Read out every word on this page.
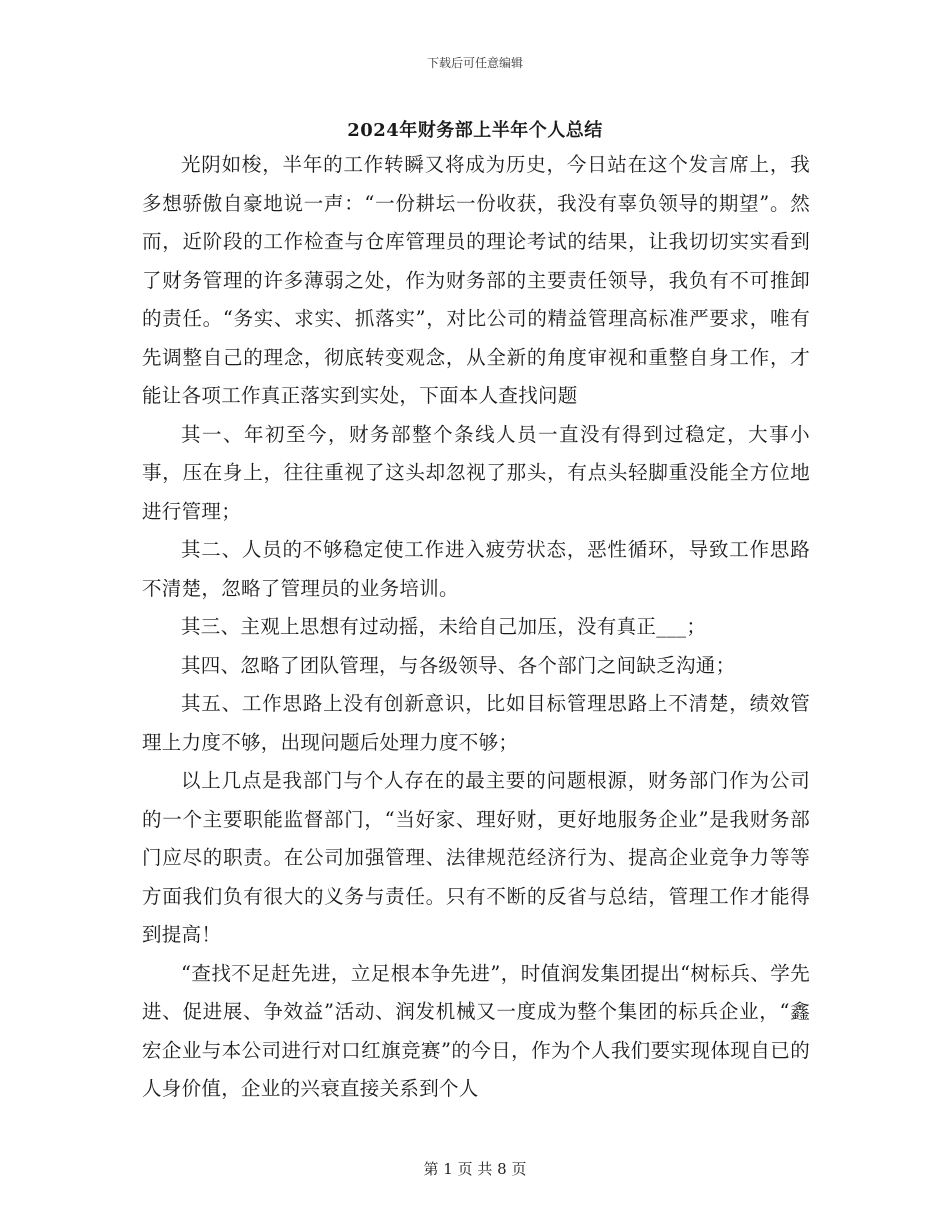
下载后可任意编辑
2024年财务部上半年个人总结

光阴如梭，半年的工作转瞬又将成为历史，今日站在这个发言席上，我多想骄傲自豪地说一声：“一份耕坛一份收获，我没有辜负领导的期望”。然而，近阶段的工作检查与仓库管理员的理论考试的结果，让我切切实实看到了财务管理的许多薄弱之处，作为财务部的主要责任领导，我负有不可推卸的责任。“务实、求实、抓落实”，对比公司的精益管理高标准严要求，唯有先调整自己的理念，彻底转变观念，从全新的角度审视和重整自身工作，才能让各项工作真正落实到实处，下面本人查找问题

其一、年初至今，财务部整个条线人员一直没有得到过稳定，大事小事，压在身上，往往重视了这头却忽视了那头，有点头轻脚重没能全方位地进行管理；

其二、人员的不够稳定使工作进入疲劳状态，恶性循环，导致工作思路不清楚，忽略了管理员的业务培训。

其三、主观上思想有过动摇，未给自己加压，没有真正___；

其四、忽略了团队管理，与各级领导、各个部门之间缺乏沟通；

其五、工作思路上没有创新意识，比如目标管理思路上不清楚，绩效管理上力度不够，出现问题后处理力度不够；

以上几点是我部门与个人存在的最主要的问题根源，财务部门作为公司的一个主要职能监督部门，“当好家、理好财，更好地服务企业”是我财务部门应尽的职责。在公司加强管理、法律规范经济行为、提高企业竞争力等等方面我们负有很大的义务与责任。只有不断的反省与总结，管理工作才能得到提高！

“查找不足赶先进，立足根本争先进”，时值润发集团提出“树标兵、学先进、促进展、争效益”活动、润发机械又一度成为整个集团的标兵企业，“鑫宏企业与本公司进行对口红旗竞赛”的今日，作为个人我们要实现体现自已的人身价值，企业的兴衰直接关系到个人

第 1 页 共 8 页
